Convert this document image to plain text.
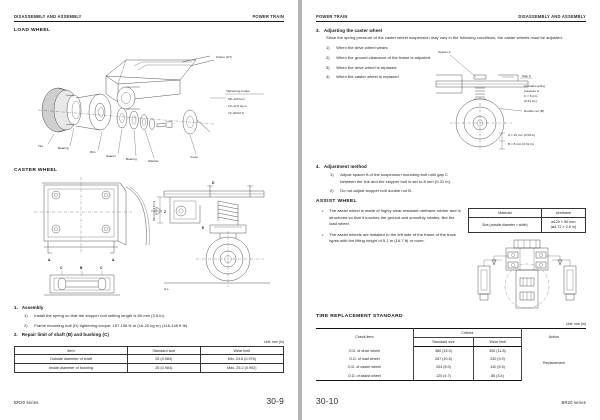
DISASSEMBLY AND ASSEMBLY	POWER TRAIN
LOAD WHEEL
Frame (LH)
Tire	Bearing
Rim
Spacer
Bearing	Washer
Cover
Tightening torque
98~123 N·m
10~12.5 kg·m
72~90 lbf·ft
CASTER WHEEL
Z
A	A
C	B	C
D
G.L
89 mm (3.5 in)
E
1. Assembly
1)	Install the spring so that the stopper bolt setting length is 89 mm (3.5 in).
2)	Frame mounting bolt (D) tightening torque: 157-196 N·m (16-20 kg·m) (116-145 ft·lb)
2. Repair limit of shaft (B) and bushing (C)
Unit: mm (in)
Item	Standard size	Wear limit
Outside diameter of shaft	25 (0.984)	Min. 24.8 (0.976)
Inside diameter of bushing	25 (0.984)	Max. 25.2 (0.992)
BR20 series	30-9
POWER TRAIN	DISASSEMBLY AND ASSEMBLY
3. Adjusting the caster wheel
Since the spring pressure of the caster wheel suspension may vary in the following conditions, the caster wheels must be adjusted.
1)	When the drive wheel wears
2)	When the ground clearance of the frame is adjusted
3)	When the drive wheel is replaced
4)	When the caster wheel is replaced
Spacer A
Gap C
(Contact spring
pressure is
C = 8 mm
(0.31 in).)
Double nut (B)
A = 15 mm (0.59 in)
B = 8 mm (0.31 in)
4. Adjustment method
1)	Adjust spacer A of the suspension mounting bolt until gap C between the link and the stopper bolt is set to 8 mm (0.31 in).
2)	Do not adjust stopper bolt double nut B.
ASSIST WHEEL
•	The assist wheel is made of highly wear-resistant urethane rubber and is structured so that it touches the ground and smoothly rotates, like the load wheel.
•	The assist wheels are installed to the left side of the frame of the truck types with the lifting height of 5.1 m (16.7 ft) or more.
Material	Urethane
Size (outside diameter × width)	ø120 × 50 mm
(ø4.72 × 2.0 in)
TIRE REPLACEMENT STANDARD
Unit: mm (in)
Check item	Criteria		Action
	Standard size	Wear limit	
O.D. of drive wheel	380 (15.0)	300 (11.8)	Replacement
O.D. of load wheel	267 (10.5)	230 (9.0)	
O.D. of caster wheel	204 (8.0)	140 (5.5)	
O.D. of assist wheel	120 (4.7)	85 (3.4)	
30-10	BR20 series
